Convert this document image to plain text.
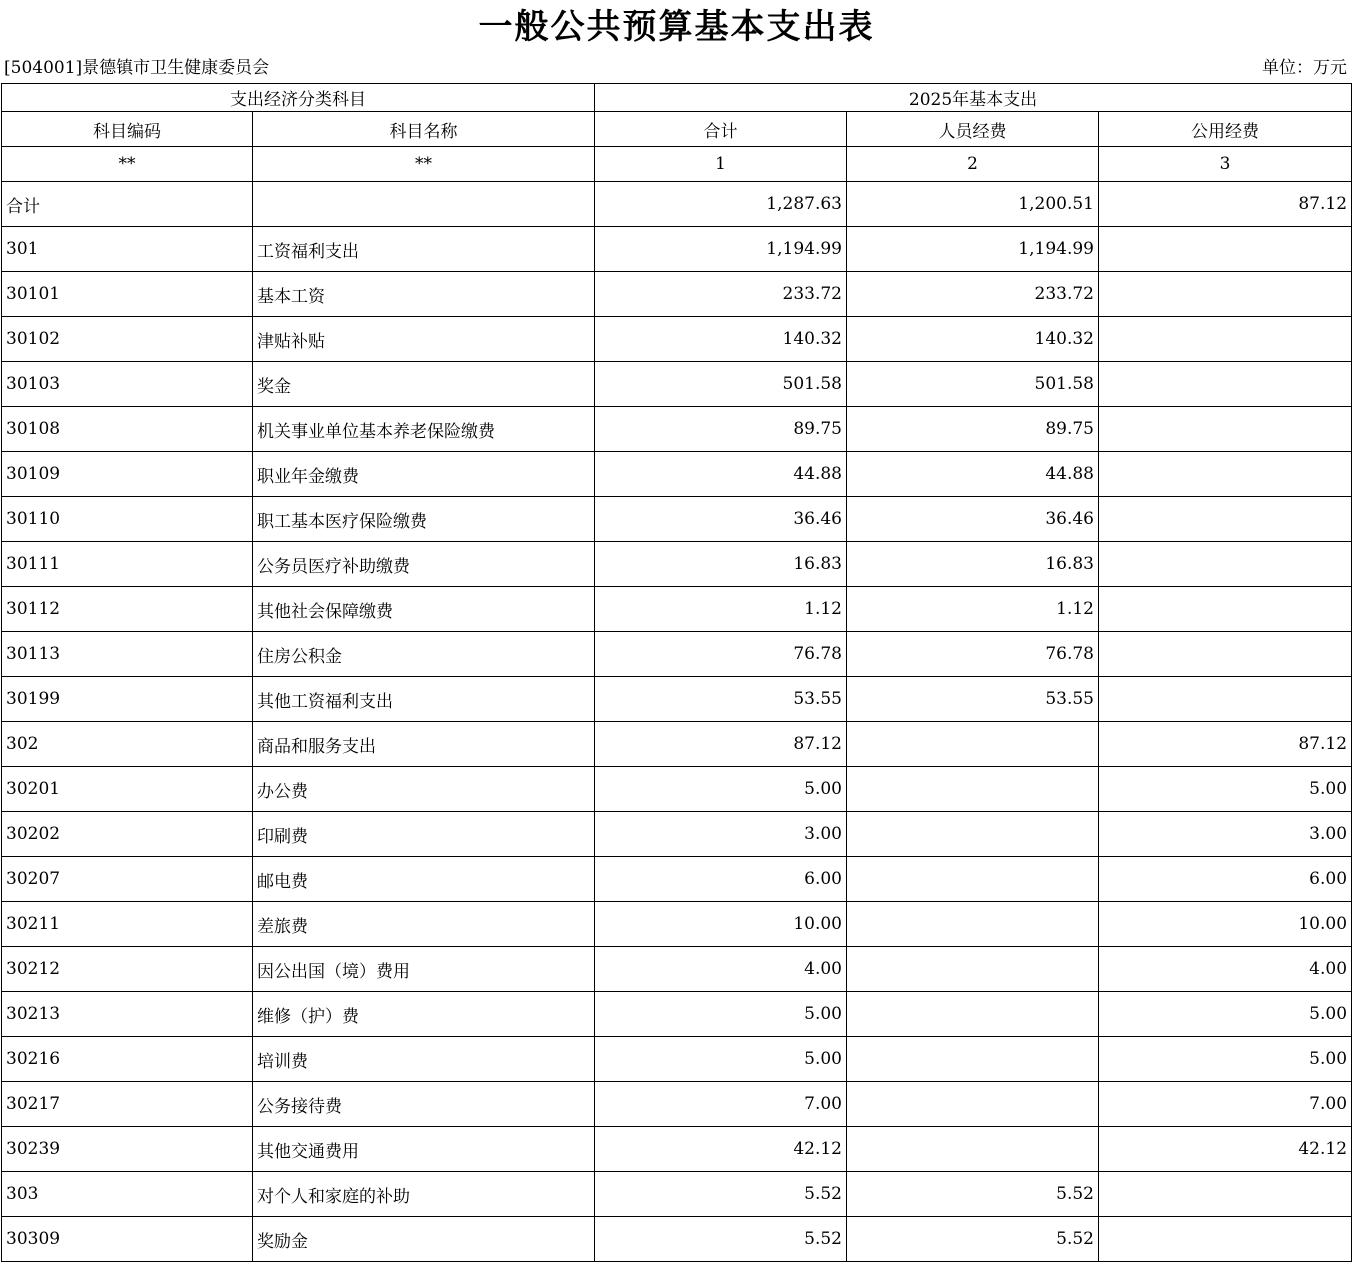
一般公共预算基本支出表
[504001]景德镇市卫生健康委员会	单位：万元
支出经济分类科目		2025年基本支出		
科目编码	科目名称	合计	人员经费	公用经费
**	**	1	2	3
合计		1,287.63	1,200.51	87.12
301	工资福利支出	1,194.99	1,194.99	
30101	基本工资	233.72	233.72	
30102	津贴补贴	140.32	140.32	
30103	奖金	501.58	501.58	
30108	机关事业单位基本养老保险缴费	89.75	89.75	
30109	职业年金缴费	44.88	44.88	
30110	职工基本医疗保险缴费	36.46	36.46	
30111	公务员医疗补助缴费	16.83	16.83	
30112	其他社会保障缴费	1.12	1.12	
30113	住房公积金	76.78	76.78	
30199	其他工资福利支出	53.55	53.55	
302	商品和服务支出	87.12		87.12
30201	办公费	5.00		5.00
30202	印刷费	3.00		3.00
30207	邮电费	6.00		6.00
30211	差旅费	10.00		10.00
30212	因公出国（境）费用	4.00		4.00
30213	维修（护）费	5.00		5.00
30216	培训费	5.00		5.00
30217	公务接待费	7.00		7.00
30239	其他交通费用	42.12		42.12
303	对个人和家庭的补助	5.52	5.52	
30309	奖励金	5.52	5.52	
